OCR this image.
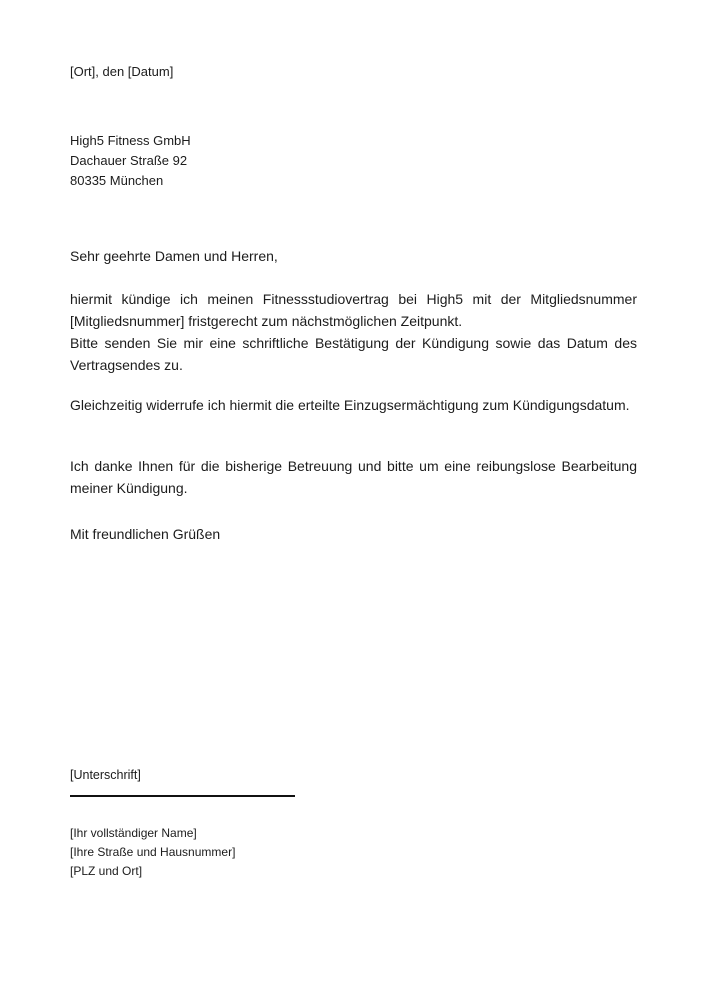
[Ort], den [Datum]
High5 Fitness GmbH
Dachauer Straße 92
80335 München
Sehr geehrte Damen und Herren,

hiermit kündige ich meinen Fitnessstudiovertrag bei High5 mit der Mitgliedsnummer [Mitgliedsnummer] fristgerecht zum nächstmöglichen Zeitpunkt.
Bitte senden Sie mir eine schriftliche Bestätigung der Kündigung sowie das Datum des Vertragsendes zu.

Gleichzeitig widerrufe ich hiermit die erteilte Einzugsermächtigung zum Kündigungsdatum.

Ich danke Ihnen für die bisherige Betreuung und bitte um eine reibungslose Bearbeitung meiner Kündigung.

Mit freundlichen Grüßen
[Unterschrift]
[Ihr vollständiger Name]
[Ihre Straße und Hausnummer]
[PLZ und Ort]
